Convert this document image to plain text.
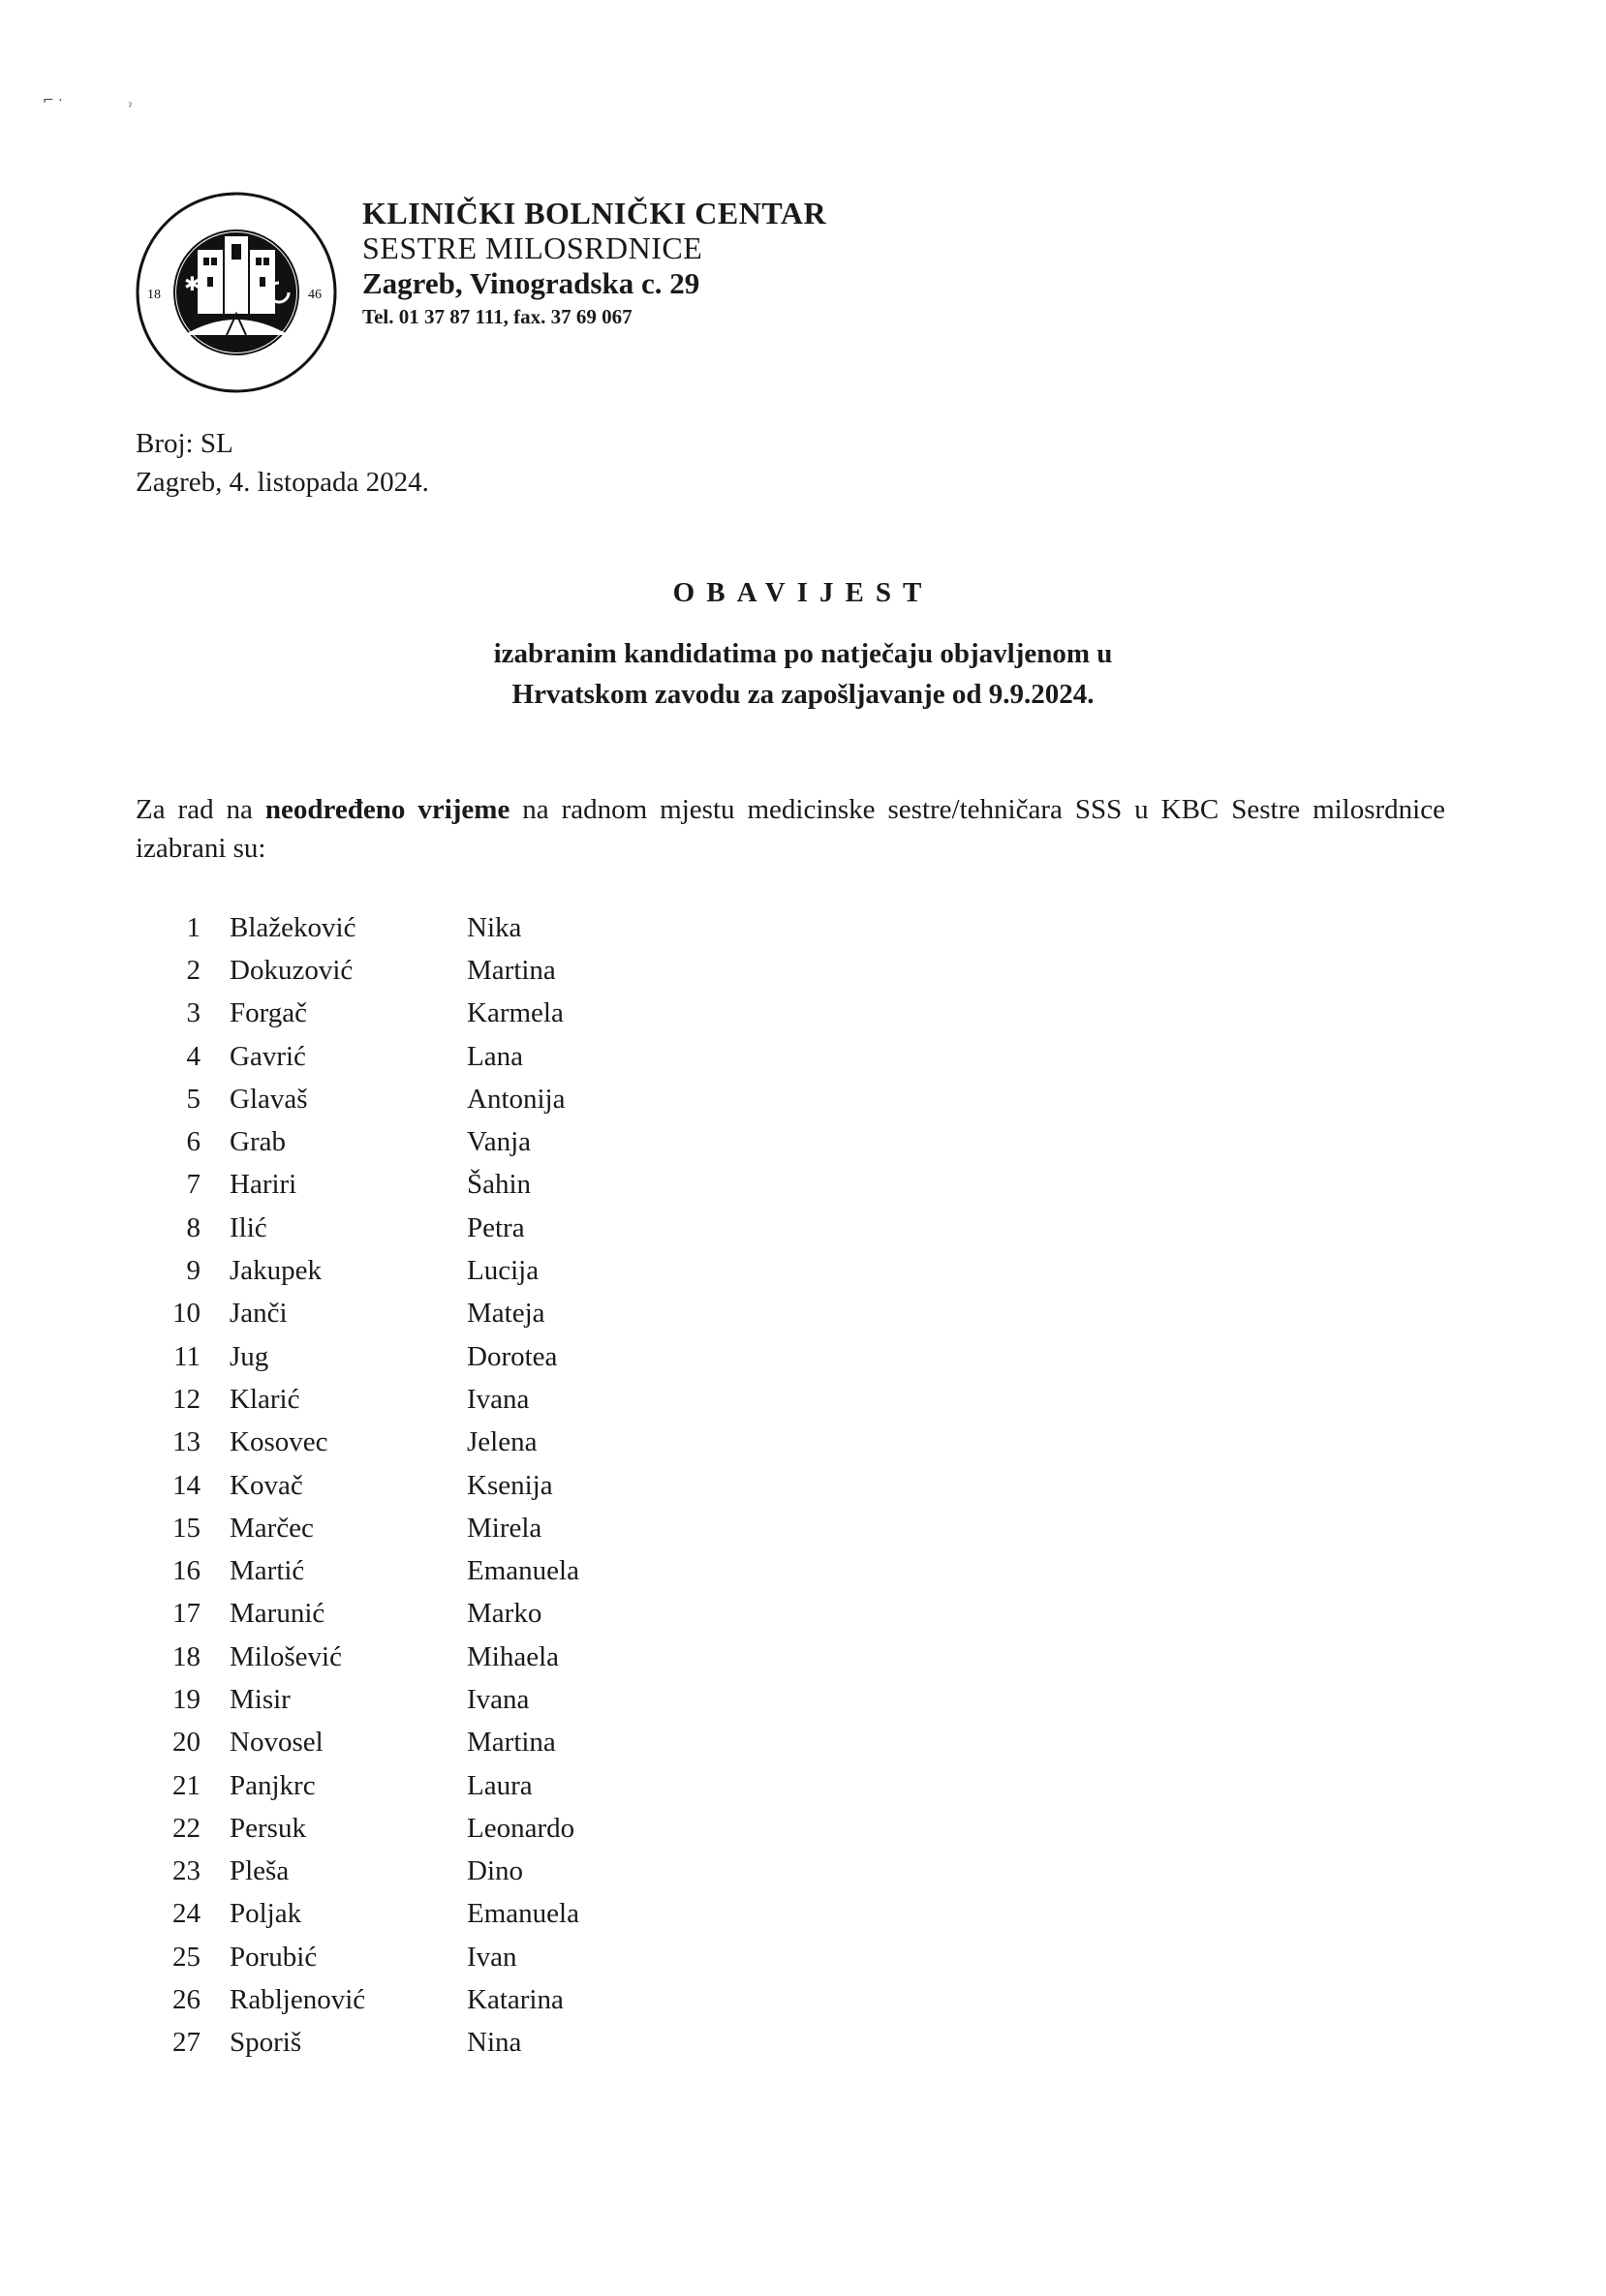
⌐ ·	ˀ
✱
18	46
KLINIČKI BOLNIČKI CENTAR
SESTRE MILOSRDNICE
Zagreb, Vinogradska c. 29
Tel. 01 37 87 111, fax. 37 69 067
Broj: SL
Zagreb, 4. listopada 2024.
OBAVIJEST
izabranim kandidatima po natječaju objavljenom u
Hrvatskom zavodu za zapošljavanje od 9.9.2024.
Za rad na neodređeno vrijeme na radnom mjestu medicinske sestre/tehničara SSS u KBC Sestre milosrdnice izabrani su:
1 Blažeković	Nika
2 Dokuzović	Martina
3 Forgač	Karmela
4 Gavrić	Lana
5 Glavaš	Antonija
6 Grab	Vanja
7 Hariri	Šahin
8 Ilić	Petra
9 Jakupek	Lucija
10 Janči	Mateja
11 Jug	Dorotea
12 Klarić	Ivana
13 Kosovec	Jelena
14 Kovač	Ksenija
15 Marčec	Mirela
16 Martić	Emanuela
17 Marunić	Marko
18 Milošević	Mihaela
19 Misir	Ivana
20 Novosel	Martina
21 Panjkrc	Laura
22 Persuk	Leonardo
23 Pleša	Dino
24 Poljak	Emanuela
25 Porubić	Ivan
26 Rabljenović	Katarina
27 Sporiš	Nina
